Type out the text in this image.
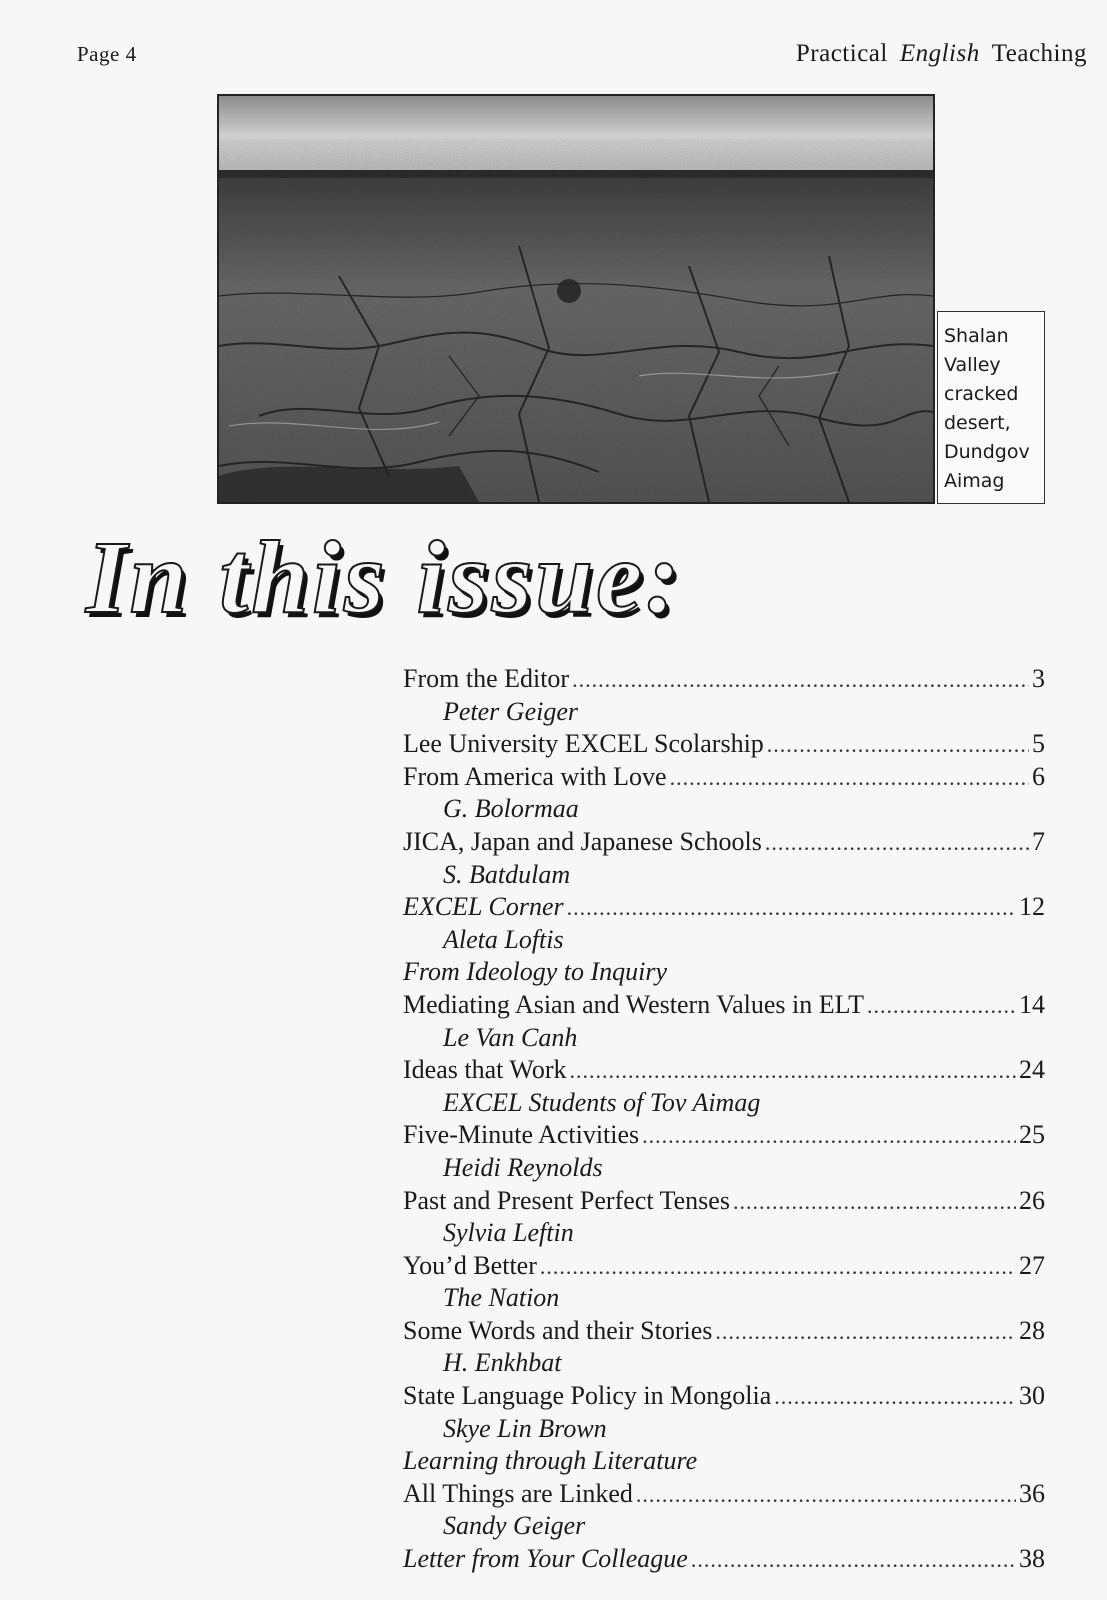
Page 4	Practical English Teaching
Shalan
Valley
cracked
desert,
Dundgov
Aimag
In this issue:
From the Editor .....	3
Peter Geiger
Lee University EXCEL Scolarship .....	5
From America with Love .....	6
G. Bolormaa
JICA, Japan and Japanese Schools .....	7
S. Batdulam
EXCEL Corner .....	12
Aleta Loftis
From Ideology to Inquiry
Mediating Asian and Western Values in ELT .....	14
Le Van Canh
Ideas that Work .....	24
EXCEL Students of Tov Aimag
Five-Minute Activities .....	25
Heidi Reynolds
Past and Present Perfect Tenses .....	26
Sylvia Leftin
You’d Better .....	27
The Nation
Some Words and their Stories .....	28
H. Enkhbat
State Language Policy in Mongolia .....	30
Skye Lin Brown
Learning through Literature
All Things are Linked .....	36
Sandy Geiger
Letter from Your Colleague .....	38
